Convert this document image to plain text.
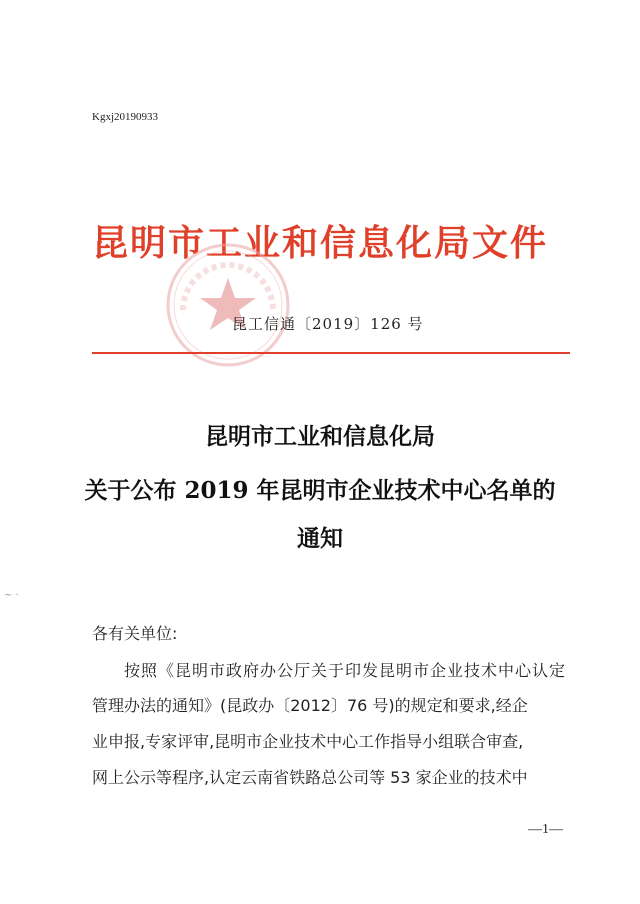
~ ·
Kgxj20190933
昆明市工业和信息化局文件
昆工信通〔2019〕126 号
昆明市工业和信息化局
关于公布 2019 年昆明市企业技术中心名单的
通知
各有关单位:
按照《昆明市政府办公厅关于印发昆明市企业技术中心认定
管理办法的通知》(昆政办〔2012〕76 号)的规定和要求,经企
业申报,专家评审,昆明市企业技术中心工作指导小组联合审查,
网上公示等程序,认定云南省铁路总公司等 53 家企业的技术中
—1—
